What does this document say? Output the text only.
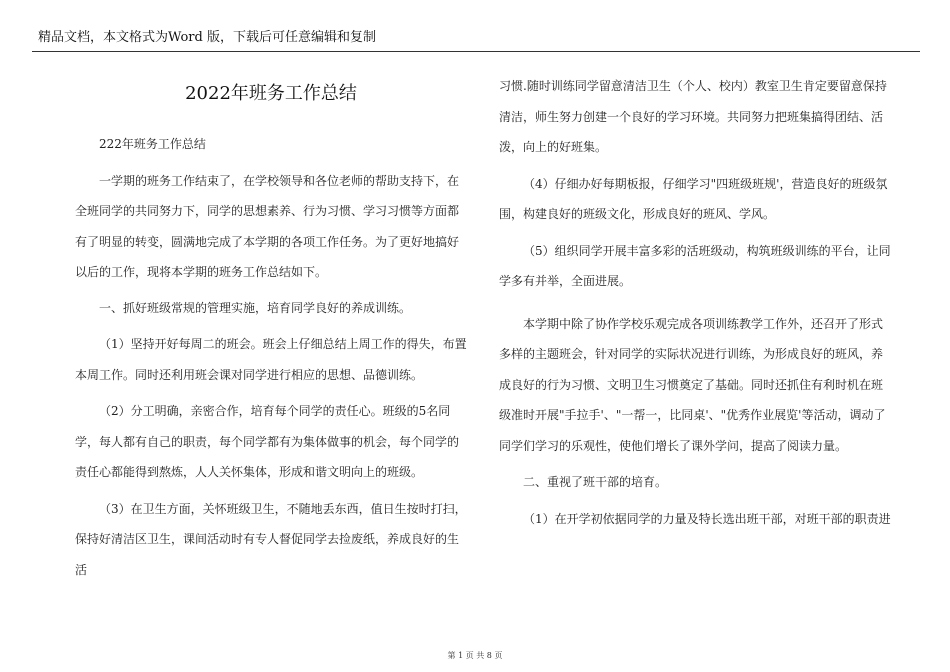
精品文档，本文格式为Word 版，下载后可任意编辑和复制
2022年班务工作总结

222年班务工作总结

一学期的班务工作结束了，在学校领导和各位老师的帮助支持下，在全班同学的共同努力下，同学的思想素养、行为习惯、学习习惯等方面都有了明显的转变，圆满地完成了本学期的各项工作任务。为了更好地搞好以后的工作，现将本学期的班务工作总结如下。

一、抓好班级常规的管理实施，培育同学良好的养成训练。

（1）坚持开好每周二的班会。班会上仔细总结上周工作的得失，布置本周工作。同时还利用班会课对同学进行相应的思想、品德训练。

（2）分工明确，亲密合作，培育每个同学的责任心。班级的5名同学，每人都有自己的职责，每个同学都有为集体做事的机会，每个同学的责任心都能得到熬炼，人人关怀集体，形成和谐文明向上的班级。

（3）在卫生方面，关怀班级卫生，不随地丢东西，值日生按时打扫，保持好清洁区卫生，课间活动时有专人督促同学去捡废纸，养成良好的生活

习惯.随时训练同学留意清洁卫生（个人、校内）教室卫生肯定要留意保持清洁，师生努力创建一个良好的学习环境。共同努力把班集搞得团结、活泼，向上的好班集。

（4）仔细办好每期板报，仔细学习"四班级班规'，营造良好的班级氛围，构建良好的班级文化，形成良好的班风、学风。

（5）组织同学开展丰富多彩的活班级动，构筑班级训练的平台，让同学多有并举，全面进展。

本学期中除了协作学校乐观完成各项训练教学工作外，还召开了形式多样的主题班会，针对同学的实际状况进行训练，为形成良好的班风，养成良好的行为习惯、文明卫生习惯奠定了基础。同时还抓住有利时机在班级准时开展"手拉手'、"一帮一，比同桌'、"优秀作业展览'等活动，调动了同学们学习的乐观性，使他们增长了课外学问，提高了阅读力量。

二、重视了班干部的培育。

（1）在开学初依据同学的力量及特长选出班干部，对班干部的职责进

第 1 页 共 8 页
